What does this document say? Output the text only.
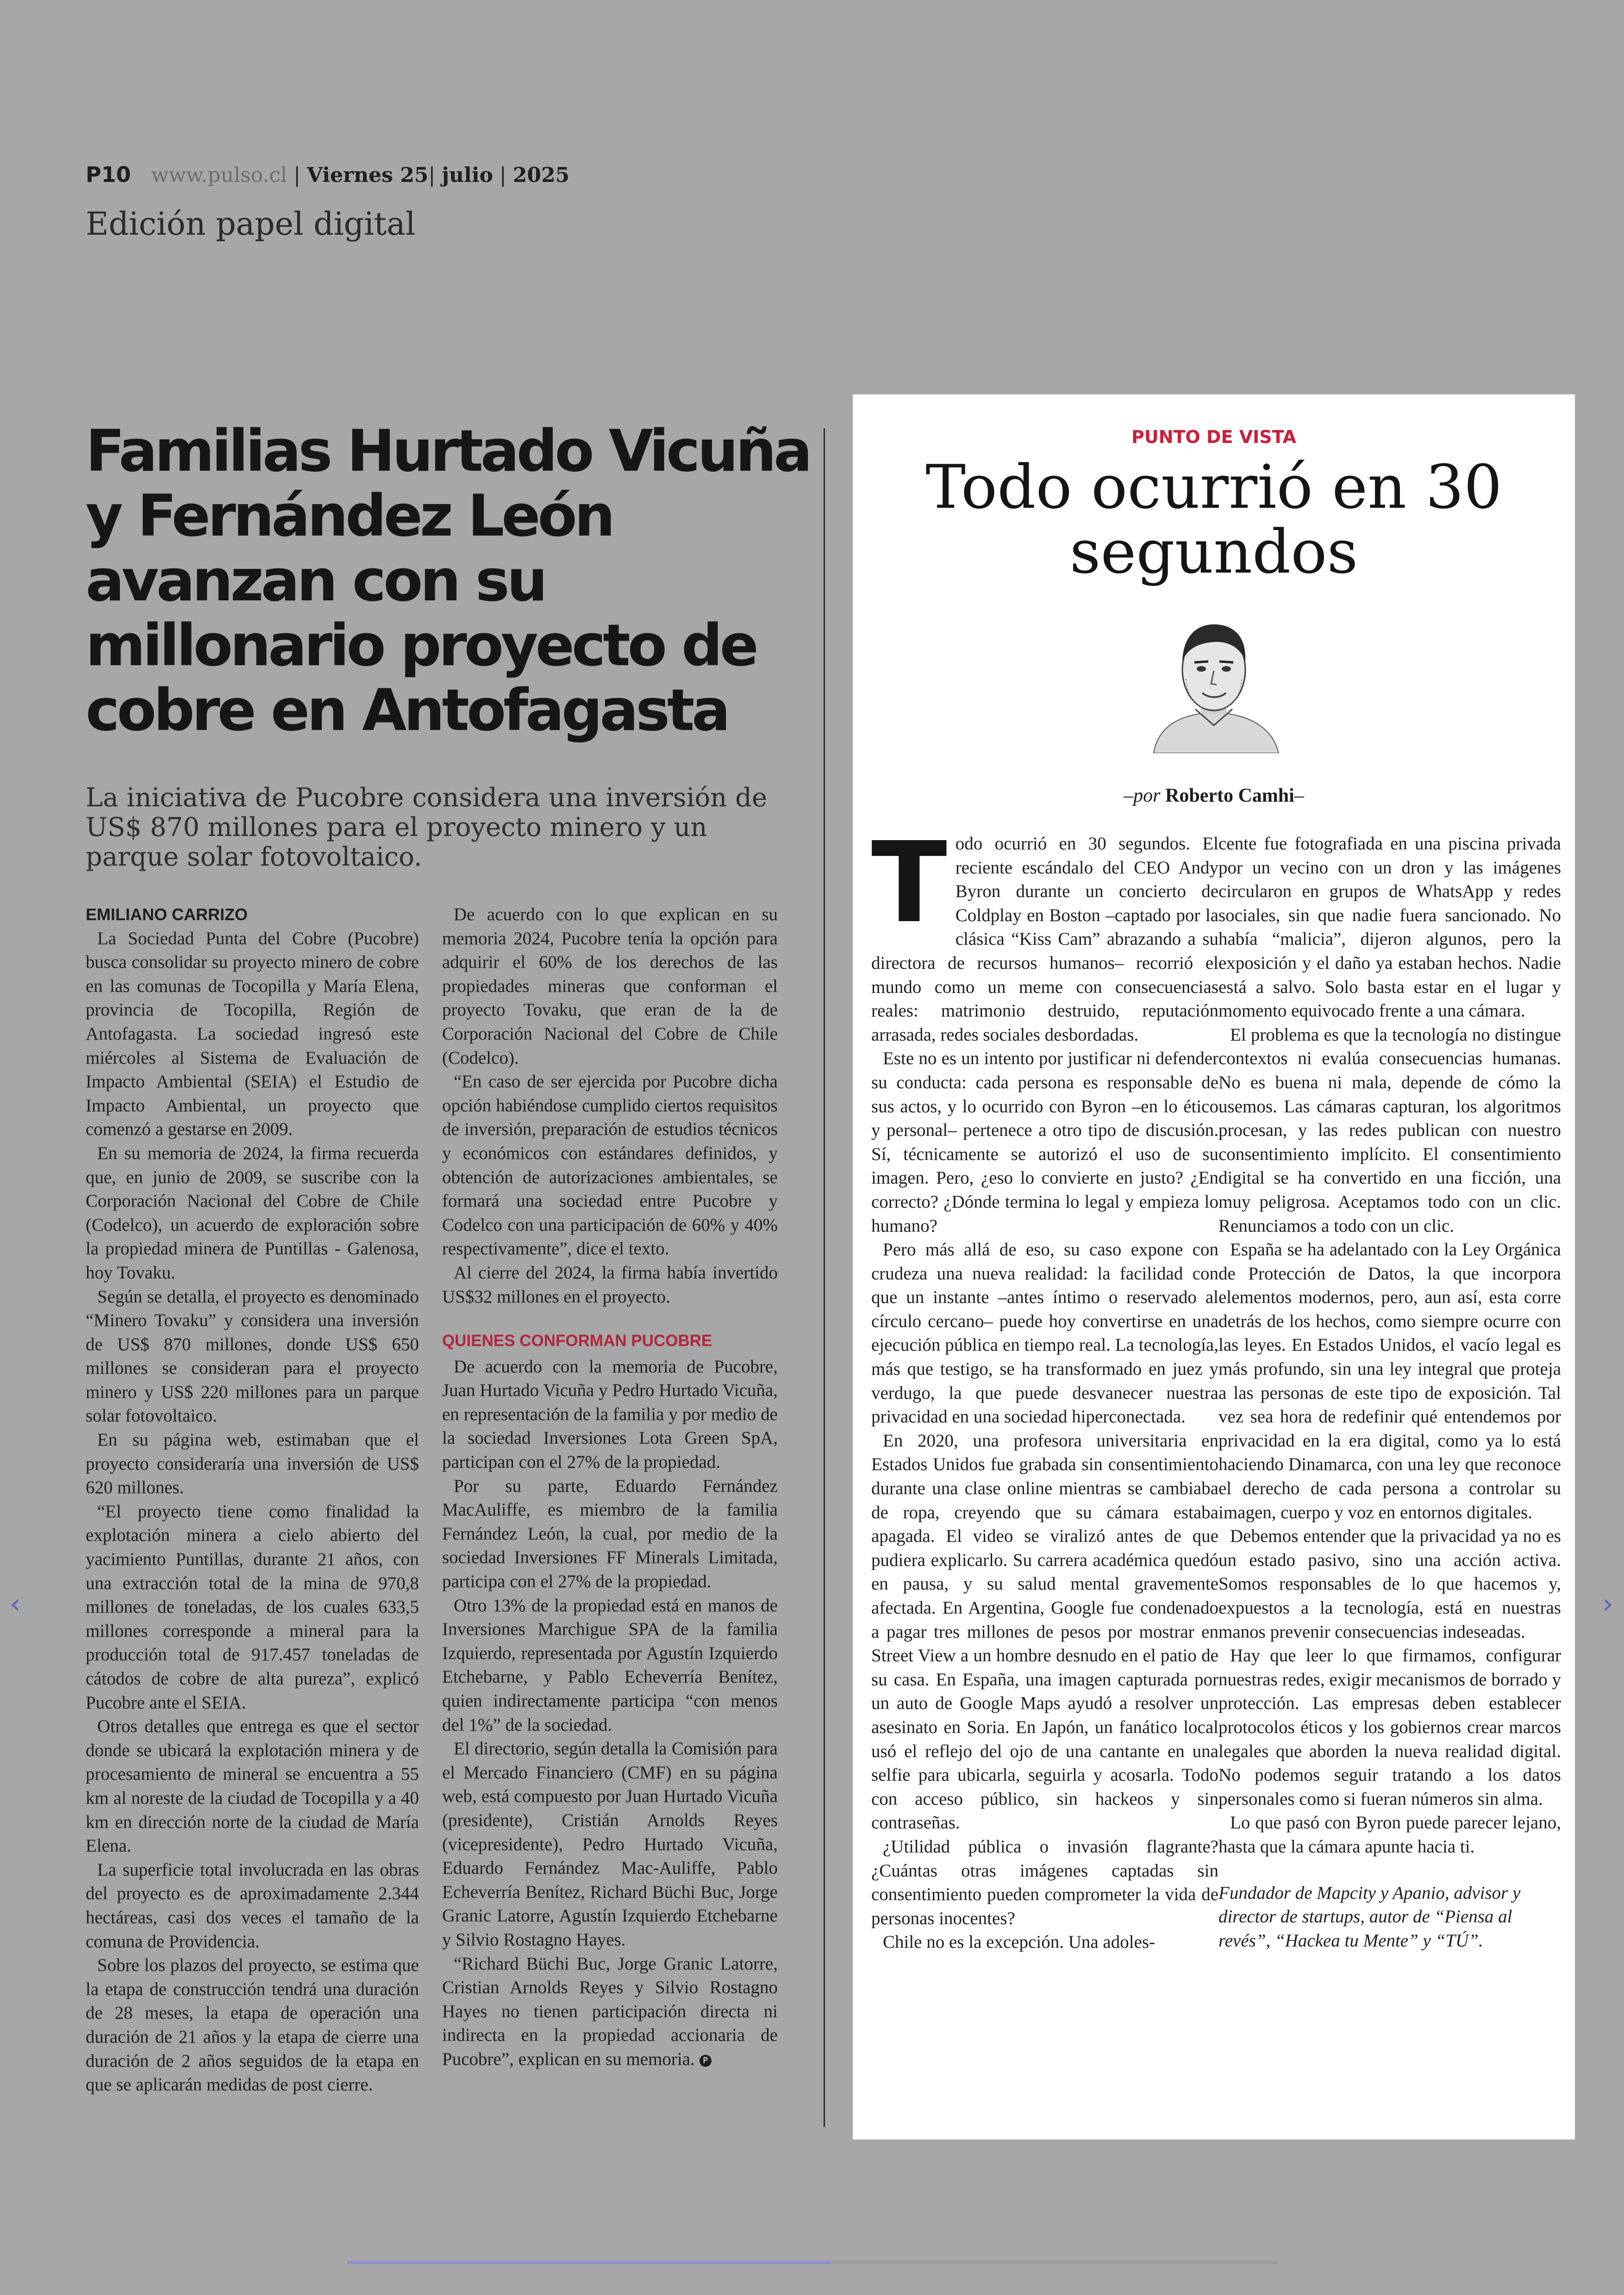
P10 www.pulso.cl | Viernes 25| julio | 2025
Edición papel digital
Familias Hurtado Vicuña y Fernández León avanzan con su millonario proyecto de cobre en Antofagasta
La iniciativa de Pucobre considera una inversión de US$ 870 millones para el proyecto minero y un parque solar fotovoltaico.

EMILIANO CARRIZO

La Sociedad Punta del Cobre (Pucobre) busca consolidar su proyecto minero de cobre en las comunas de Tocopilla y María Elena, provincia de Tocopilla, Región de Antofagasta. La sociedad ingresó este miércoles al Sistema de Evaluación de Impacto Ambiental (SEIA) el Estudio de Impacto Ambiental, un proyecto que comenzó a gestarse en 2009.

En su memoria de 2024, la firma recuerda que, en junio de 2009, se suscribe con la Corporación Nacional del Cobre de Chile (Codelco), un acuerdo de exploración sobre la propiedad minera de Puntillas - Galenosa, hoy Tovaku.

Según se detalla, el proyecto es denominado “Minero Tovaku” y considera una inversión de US$ 870 millones, donde US$ 650 millones se consideran para el proyecto minero y US$ 220 millones para un parque solar fotovoltaico.

En su página web, estimaban que el proyecto consideraría una inversión de US$ 620 millones.

“El proyecto tiene como finalidad la explotación minera a cielo abierto del yacimiento Puntillas, durante 21 años, con una extracción total de la mina de 970,8 millones de toneladas, de los cuales 633,5 millones corresponde a mineral para la producción total de 917.457 toneladas de cátodos de cobre de alta pureza”, explicó Pucobre ante el SEIA.

Otros detalles que entrega es que el sector donde se ubicará la explotación minera y de procesamiento de mineral se encuentra a 55 km al noreste de la ciudad de Tocopilla y a 40 km en dirección norte de la ciudad de María Elena.

La superficie total involucrada en las obras del proyecto es de aproximadamente 2.344 hectáreas, casi dos veces el tamaño de la comuna de Providencia.

Sobre los plazos del proyecto, se estima que la etapa de construcción tendrá una duración de 28 meses, la etapa de operación una duración de 21 años y la etapa de cierre una duración de 2 años seguidos de la etapa en que se aplicarán medidas de post cierre.

De acuerdo con lo que explican en su memoria 2024, Pucobre tenía la opción para adquirir el 60% de los derechos de las propiedades mineras que conforman el proyecto Tovaku, que eran de la de Corporación Nacional del Cobre de Chile (Codelco).

“En caso de ser ejercida por Pucobre dicha opción habiéndose cumplido ciertos requisitos de inversión, preparación de estudios técnicos y económicos con estándares definidos, y obtención de autorizaciones ambientales, se formará una sociedad entre Pucobre y Codelco con una participación de 60% y 40% respectivamente”, dice el texto.

Al cierre del 2024, la firma había invertido US$32 millones en el proyecto.

QUIENES CONFORMAN PUCOBRE

De acuerdo con la memoria de Pucobre, Juan Hurtado Vicuña y Pedro Hurtado Vicuña, en representación de la familia y por medio de la sociedad Inversiones Lota Green SpA, participan con el 27% de la propiedad.

Por su parte, Eduardo Fernández MacAuliffe, es miembro de la familia Fernández León, la cual, por medio de la sociedad Inversiones FF Minerals Limitada, participa con el 27% de la propiedad.

Otro 13% de la propiedad está en manos de Inversiones Marchigue SPA de la familia Izquierdo, representada por Agustín Izquierdo Etchebarne, y Pablo Echeverría Benítez, quien indirectamente participa “con menos del 1%” de la sociedad.

El directorio, según detalla la Comisión para el Mercado Financiero (CMF) en su página web, está compuesto por Juan Hurtado Vicuña (presidente), Cristián Arnolds Reyes (vicepresidente), Pedro Hurtado Vicuña, Eduardo Fernández Mac-Auliffe, Pablo Echeverría Benítez, Richard Büchi Buc, Jorge Granic Latorre, Agustín Izquierdo Etchebarne y Silvio Rostagno Hayes.

“Richard Büchi Buc, Jorge Granic Latorre, Cristian Arnolds Reyes y Silvio Rostagno Hayes no tienen participación directa ni indirecta en la propiedad accionaria de Pucobre”, explican en su memoria. P

PUNTO DE VISTA
Todo ocurrió en 30 segundos
–por Roberto Camhi–

Todo ocurrió en 30 segundos. El reciente escándalo del CEO Andy Byron durante un concierto de Coldplay en Boston –captado por la clásica “Kiss Cam” abrazando a su directora de recursos humanos– recorrió el mundo como un meme con consecuencias reales: matrimonio destruido, reputación arrasada, redes sociales desbordadas.

Este no es un intento por justificar ni defender su conducta: cada persona es responsable de sus actos, y lo ocurrido con Byron –en lo ético y personal– pertenece a otro tipo de discusión. Sí, técnicamente se autorizó el uso de su imagen. Pero, ¿eso lo convierte en justo? ¿En correcto? ¿Dónde termina lo legal y empieza lo humano?

Pero más allá de eso, su caso expone con crudeza una nueva realidad: la facilidad con que un instante –antes íntimo o reservado al círculo cercano– puede hoy convertirse en una ejecución pública en tiempo real. La tecnología, más que testigo, se ha transformado en juez y verdugo, la que puede desvanecer nuestra privacidad en una sociedad hiperconectada.

En 2020, una profesora universitaria en Estados Unidos fue grabada sin consentimiento durante una clase online mientras se cambiaba de ropa, creyendo que su cámara estaba apagada. El video se viralizó antes de que pudiera explicarlo. Su carrera académica quedó en pausa, y su salud mental gravemente afectada. En Argentina, Google fue condenado a pagar tres millones de pesos por mostrar en Street View a un hombre desnudo en el patio de su casa. En España, una imagen capturada por un auto de Google Maps ayudó a resolver un asesinato en Soria. En Japón, un fanático local usó el reflejo del ojo de una cantante en una selfie para ubicarla, seguirla y acosarla. Todo con acceso público, sin hackeos y sin contraseñas.

¿Utilidad pública o invasión flagrante? ¿Cuántas otras imágenes captadas sin consentimiento pueden comprometer la vida de personas inocentes?

Chile no es la excepción. Una adoles-

cente fue fotografiada en una piscina privada por un vecino con un dron y las imágenes circularon en grupos de WhatsApp y redes sociales, sin que nadie fuera sancionado. No había “malicia”, dijeron algunos, pero la exposición y el daño ya estaban hechos. Nadie está a salvo. Solo basta estar en el lugar y momento equivocado frente a una cámara.

El problema es que la tecnología no distingue contextos ni evalúa consecuencias humanas. No es buena ni mala, depende de cómo la usemos. Las cámaras capturan, los algoritmos procesan, y las redes publican con nuestro consentimiento implícito. El consentimiento digital se ha convertido en una ficción, una muy peligrosa. Aceptamos todo con un clic. Renunciamos a todo con un clic.

España se ha adelantado con la Ley Orgánica de Protección de Datos, la que incorpora elementos modernos, pero, aun así, esta corre detrás de los hechos, como siempre ocurre con las leyes. En Estados Unidos, el vacío legal es más profundo, sin una ley integral que proteja a las personas de este tipo de exposición. Tal vez sea hora de redefinir qué entendemos por privacidad en la era digital, como ya lo está haciendo Dinamarca, con una ley que reconoce el derecho de cada persona a controlar su imagen, cuerpo y voz en entornos digitales.

Debemos entender que la privacidad ya no es un estado pasivo, sino una acción activa. Somos responsables de lo que hacemos y, expuestos a la tecnología, está en nuestras manos prevenir consecuencias indeseadas.

Hay que leer lo que firmamos, configurar nuestras redes, exigir mecanismos de borrado y protección. Las empresas deben establecer protocolos éticos y los gobiernos crear marcos legales que aborden la nueva realidad digital. No podemos seguir tratando a los datos personales como si fueran números sin alma.

Lo que pasó con Byron puede parecer lejano, hasta que la cámara apunte hacia ti.

Fundador de Mapcity y Apanio, advisor y director de startups, autor de “Piensa al revés”, “Hackea tu Mente” y “TÚ”.

‹	›
